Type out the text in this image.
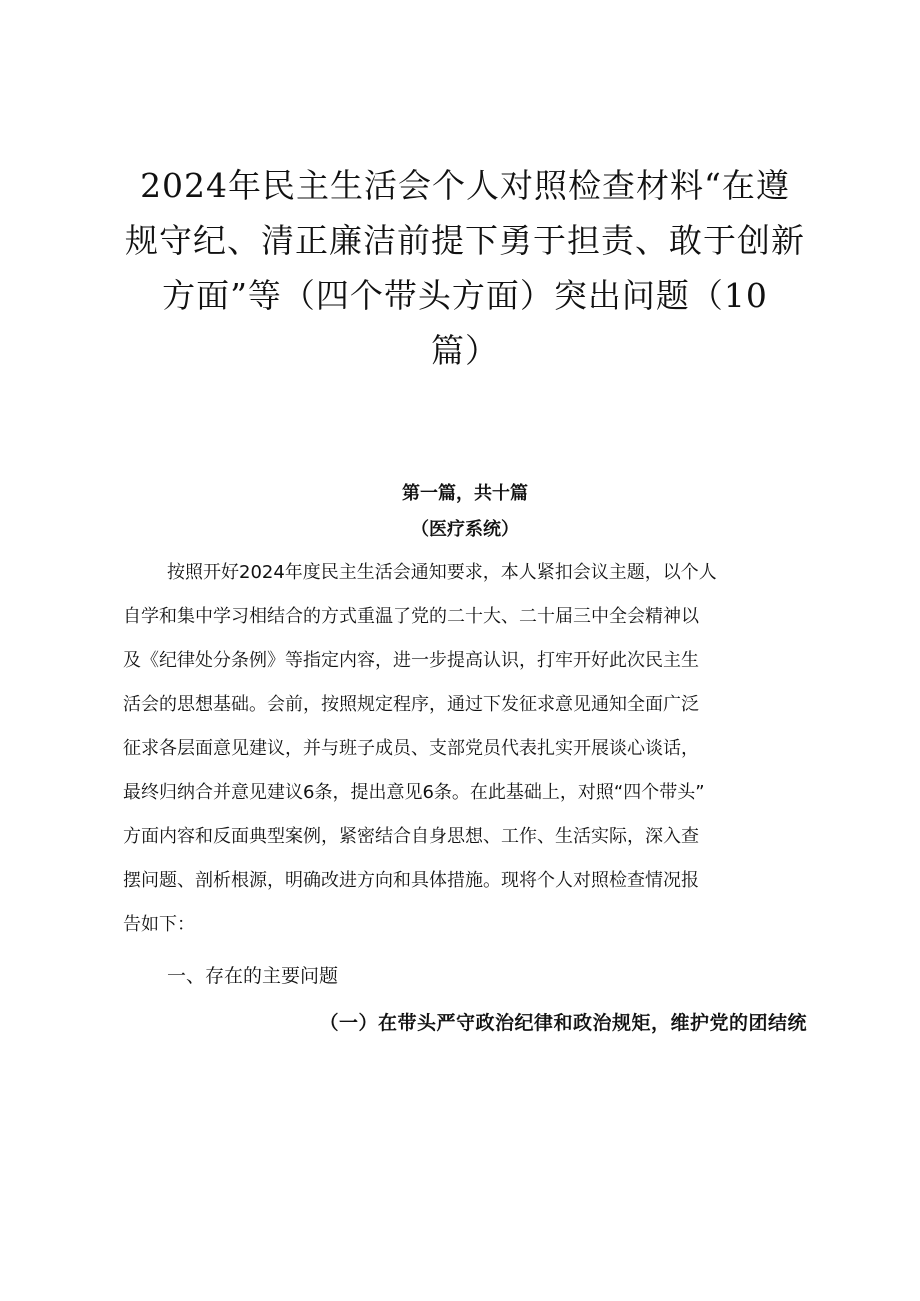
2024年民主生活会个人对照检查材料“在遵
规守纪、清正廉洁前提下勇于担责、敢于创新
方面”等（四个带头方面）突出问题（10
篇）
第一篇，共十篇
（医疗系统）

按照开好2024年度民主生活会通知要求，本人紧扣会议主题，以个人
自学和集中学习相结合的方式重温了党的二十大、二十届三中全会精神以
及《纪律处分条例》等指定内容，进一步提高认识，打牢开好此次民主生
活会的思想基础。会前，按照规定程序，通过下发征求意见通知全面广泛
征求各层面意见建议，并与班子成员、支部党员代表扎实开展谈心谈话，
最终归纳合并意见建议6条，提出意见6条。在此基础上，对照“四个带头”
方面内容和反面典型案例，紧密结合自身思想、工作、生活实际，深入查
摆问题、剖析根源，明确改进方向和具体措施。现将个人对照检查情况报
告如下：

一、存在的主要问题
（一）在带头严守政治纪律和政治规矩，维护党的团结统
